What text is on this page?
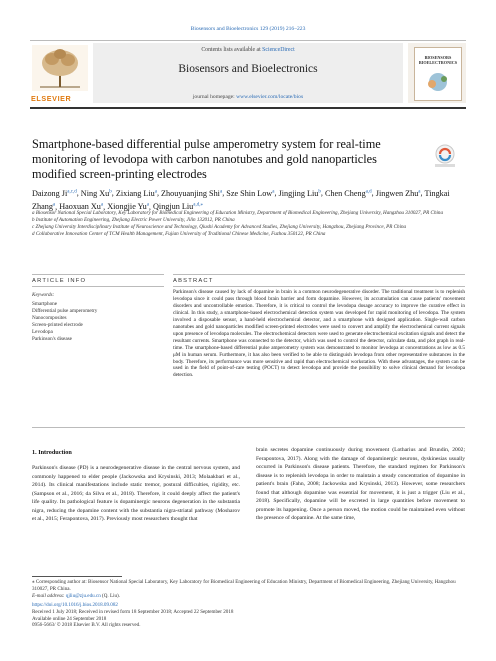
Biosensors and Bioelectronics 129 (2019) 216–223
ELSEVIER
Contents lists available at ScienceDirect
Biosensors and Bioelectronics
journal homepage: www.elsevier.com/locate/bios
BIOSENSORS BIOELECTRONICS
Smartphone-based differential pulse amperometry system for real-time monitoring of levodopa with carbon nanotubes and gold nanoparticles modified screen-printing electrodes
Daizong Ji$^{a,c,d}$, Ning Xu$^b$, Zixiang Liu$^a$, Zhouyuanjing Shi$^a$, Sze Shin Low$^a$, Jingjing Liu$^b$, Chen Cheng$^{a,d}$, Jingwen Zhu$^a$, Tingkai Zhang$^a$, Haoxuan Xu$^a$, Xiongjie Yu$^a$, Qingjun Liu$^{a,d,⁎}$
a Biosensor National Special Laboratory, Key Laboratory for Biomedical Engineering of Education Ministry, Department of Biomedical Engineering, Zhejiang University, Hangzhou 310027, PR China
b Institute of Automation Engineering, Zhejiang Electric Power University, Jilin 132012, PR China
c Zhejiang University Interdisciplinary Institute of Neuroscience and Technology, Qiushi Academy for Advanced Studies, Zhejiang University, Hangzhou, Zhejiang Province, PR China
d Collaborative Innovation Center of TCM Health Management, Fujian University of Traditional Chinese Medicine, Fuzhou 350122, PR China
ARTICLE INFO	ABSTRACT
Keywords:
Smartphone
Differential pulse amperometry
Nanocomposites
Screen-printed electrode
Levodopa
Parkinson's disease
Parkinson's disease caused by lack of dopamine in brain is a common neurodegenerative disorder. The traditional treatment is to replenish levodopa since it could pass through blood brain barrier and form dopamine. However, its accumulation can cause patients' movement disorders and uncontrollable emotion. Therefore, it is critical to control the levodopa dosage accuracy to improve the curative effect in clinical. In this study, a smartphone-based electrochemical detection system was developed for rapid monitoring of levodopa. The system involved a disposable sensor, a hand-held electrochemical detector, and a smartphone with designed application. Single-wall carbon nanotubes and gold nanoparticles modified screen-printed electrodes were used to convert and amplify the electrochemical current signals upon presence of levodopa molecules. The electrochemical detectors were used to generate electrochemical excitation signals and detect the resultant currents. Smartphone was connected to the detector, which was used to control the detector, calculate data, and plot graph in real-time. The smartphone-based differential pulse amperometry system was demonstrated to monitor levodopa at concentrations as low as 0.5 μM in human serum. Furthermore, it has also been verified to be able to distinguish levodopa from other representative substances in the body. Therefore, its performance was more sensitive and rapid than electrochemical workstation. With these advantages, the system can be used in the field of point-of-care testing (POCT) to detect levodopa and provide the possibility to solve clinical demand for levodopa detection.
1. Introduction
Parkinson's disease (PD) is a neurodegenerative disease in the central nervous system, and commonly happened to elder people (Jackowska and Krysinski, 2013; Molaakbari et al., 2014). Its clinical manifestations include static tremor, postural difficulties, rigidity, etc. (Sampson et al., 2016; da Silva et al., 2018). Therefore, it could deeply affect the patient's life quality. Its pathological feature is dopaminergic neurons degeneration in the substantia nigra, reducing the dopamine content with the substantia nigra-striatal pathway (Mosharov et al., 2015; Ferapontova, 2017). Previously most researchers thought that
brain secretes dopamine continuously during movement (Lotharius and Brundin, 2002; Ferapontova, 2017). Along with the damage of dopaminergic neurons, dyskinesias usually occurred in Parkinson's disease patients. Therefore, the standard regimen for Parkinson's disease is to replenish levodopa in order to maintain a steady concentration of dopamine in patient's brain (Fahn, 2008; Jackowska and Krysinski, 2013). However, some researchers found that although dopamine was essential for movement, it is just a trigger (Liu et al., 2018). Specifically, dopamine will be excreted in large quantities before movement to promote its happening. Once a person moved, the motion could be maintained even without the presence of dopamine. At the same time,
⁎ Corresponding author at: Biosensor National Special Laboratory, Key Laboratory for Biomedical Engineering of Education Ministry, Department of Biomedical Engineering, Zhejiang University, Hangzhou 310027, PR China.
E-mail address: qjliu@zju.edu.cn (Q. Liu).
https://doi.org/10.1016/j.bios.2018.09.082
Received 1 July 2018; Received in revised form 18 September 2018; Accepted 22 September 2018
Available online 24 September 2018
0956-5663/ © 2018 Elsevier B.V. All rights reserved.
